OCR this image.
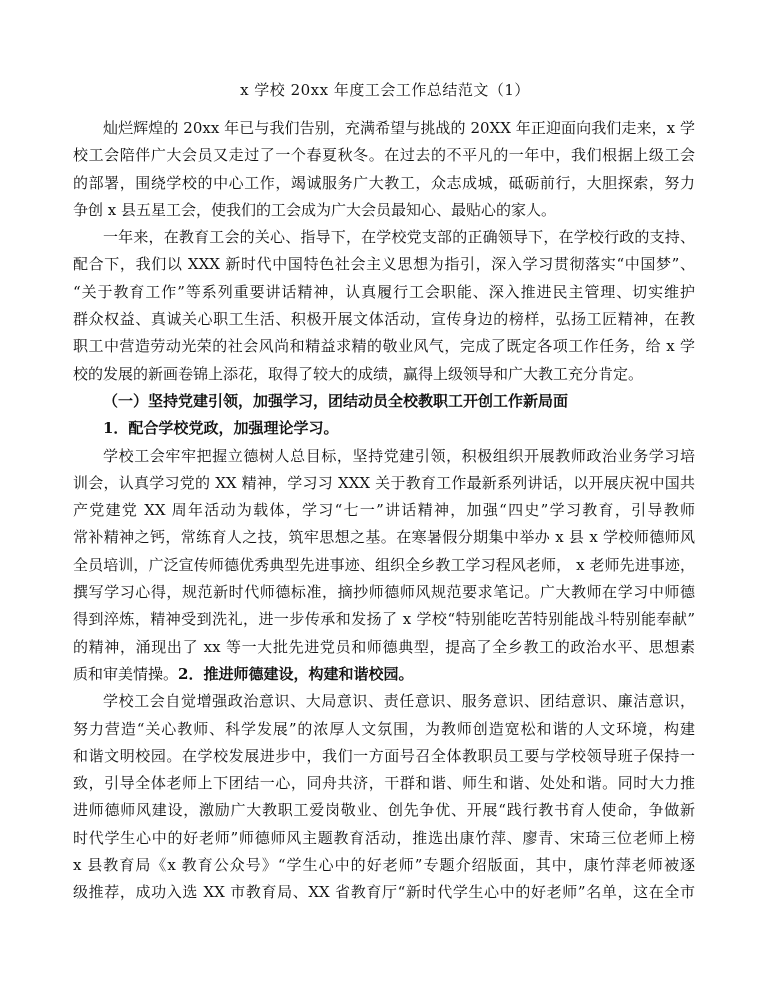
x 学校 20xx 年度工会工作总结范文（1）
灿烂辉煌的 20xx 年已与我们告别，充满希望与挑战的 20XX 年正迎面向我们走来，x 学
校工会陪伴广大会员又走过了一个春夏秋冬。在过去的不平凡的一年中，我们根据上级工会
的部署，围绕学校的中心工作，竭诚服务广大教工，众志成城，砥砺前行，大胆探索，努力
争创 x 县五星工会，使我们的工会成为广大会员最知心、最贴心的家人。
一年来，在教育工会的关心、指导下，在学校党支部的正确领导下，在学校行政的支持、
配合下，我们以 XXX 新时代中国特色社会主义思想为指引，深入学习贯彻落实“中国梦”、
“关于教育工作”等系列重要讲话精神，认真履行工会职能、深入推进民主管理、切实维护
群众权益、真诚关心职工生活、积极开展文体活动，宣传身边的榜样，弘扬工匠精神，在教
职工中营造劳动光荣的社会风尚和精益求精的敬业风气，完成了既定各项工作任务，给 x 学
校的发展的新画卷锦上添花，取得了较大的成绩，赢得上级领导和广大教工充分肯定。
（一）坚持党建引领，加强学习，团结动员全校教职工开创工作新局面
1．配合学校党政，加强理论学习。
学校工会牢牢把握立德树人总目标，坚持党建引领，积极组织开展教师政治业务学习培
训会，认真学习党的 XX 精神，学习习 XXX 关于教育工作最新系列讲话，以开展庆祝中国共
产党建党 XX 周年活动为载体，学习“七一”讲话精神，加强“四史”学习教育，引导教师
常补精神之钙，常练育人之技，筑牢思想之基。在寒暑假分期集中举办 x 县 x 学校师德师风
全员培训，广泛宣传师德优秀典型先进事迹、组织全乡教工学习程风老师， x 老师先进事迹，
撰写学习心得，规范新时代师德标准，摘抄师德师风规范要求笔记。广大教师在学习中师德
得到淬炼，精神受到洗礼，进一步传承和发扬了 x 学校“特别能吃苦特别能战斗特别能奉献”
的精神，涌现出了 xx 等一大批先进党员和师德典型，提高了全乡教工的政治水平、思想素
质和审美情操。2．推进师德建设，构建和谐校园。
学校工会自觉增强政治意识、大局意识、责任意识、服务意识、团结意识、廉洁意识，
努力营造“关心教师、科学发展”的浓厚人文氛围，为教师创造宽松和谐的人文环境，构建
和谐文明校园。在学校发展进步中，我们一方面号召全体教职员工要与学校领导班子保持一
致，引导全体老师上下团结一心，同舟共济，干群和谐、师生和谐、处处和谐。同时大力推
进师德师风建设，激励广大教职工爱岗敬业、创先争优、开展“践行教书育人使命，争做新
时代学生心中的好老师”师德师风主题教育活动，推选出康竹萍、廖青、宋琦三位老师上榜
x 县教育局《x 教育公众号》“学生心中的好老师”专题介绍版面，其中，康竹萍老师被逐
级推荐，成功入选 XX 市教育局、XX 省教育厅“新时代学生心中的好老师”名单，这在全市
